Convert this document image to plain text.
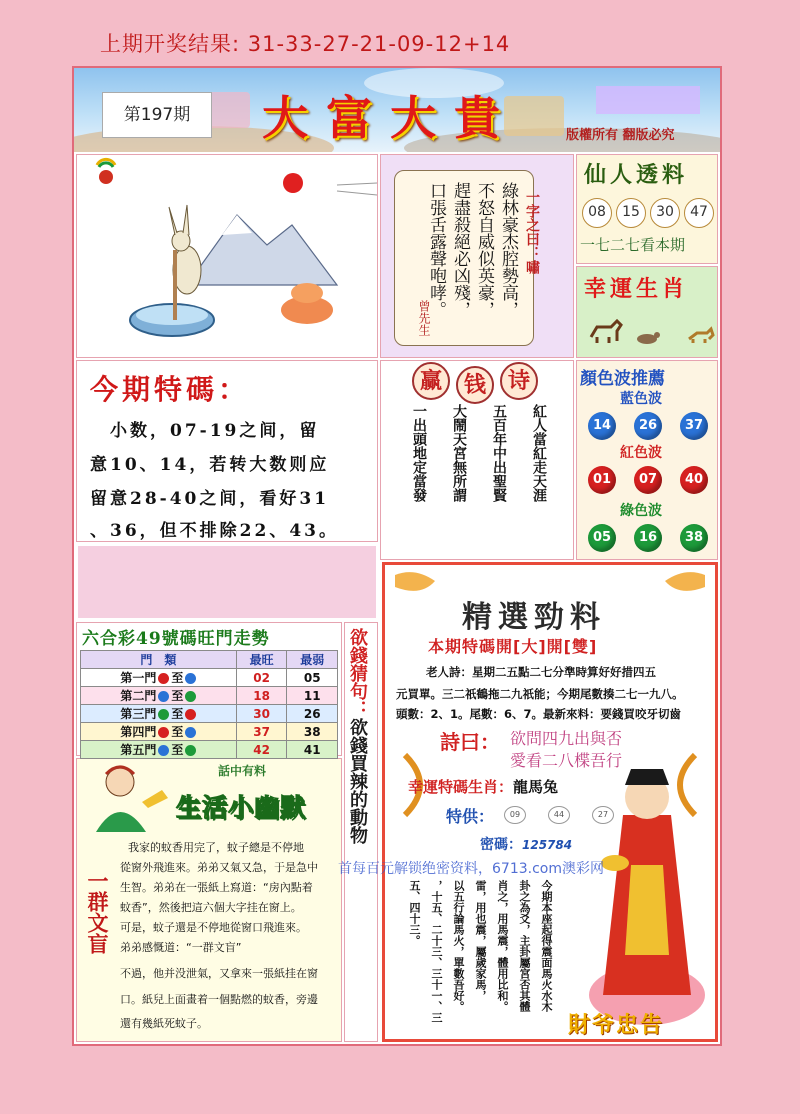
上期开奖结果: 31-33-27-21-09-12+14
第197期	大富大貴	版權所有 翻版必究
綠林豪杰腔勢高，
不怒自威似英豪，
趕盡殺絕必凶殘，
口張舌露聲咆哮。
曾先生
一字之曰：嘯
仙人透料
08	15	30	47
一七二七看本期
幸運生肖
今期特碼：
小数，07-19之间，留
意10、14，若转大数则应
留意28-40之间，看好31
、36，但不排除22、43。
赢 钱 诗
紅人當紅走天涯
五百年中出聖賢
大鬧天宮無所謂
一出頭地定當發
顏色波推薦
藍色波
14	26	37
紅色波
01	07	40
綠色波
05	16	38
六合彩49號碼旺門走勢
門　類	最旺	最弱
第一門 至	02	05
第二門 至	18	11
第三門 至	30	26
第四門 至	37	38
第五門 至	42	41
欲錢猜句：欲錢買辣的動物
話中有料
生活小幽默
一群文盲
我家的蚊香用完了，蚊子總是不停地
從窗外飛進來。弟弟又氣又急，于是急中
生智。弟弟在一張紙上寫道：“房內點着
蚊香”，然後把這六個大字挂在窗上。
可是，蚊子還是不停地從窗口飛進來。
弟弟感慨道：“一群文盲”
不過，他并没泄氣，又拿來一張紙挂在窗
口。紙兒上面畫着一個點燃的蚊香，旁邊
還有幾紙死蚊子。
精選勁料
本期特碼開[大]開[雙]
老人詩：星期二五點二七分準時算好好措四五
元買單。三二祇鶴拖二九祇能；今期尾數揍二七一九八。
頭數：2、1。尾數：6、7。最新來料：要錢買咬牙切齒
詩曰： 欲問四九出與否
愛看二八楪吾行
幸運特碼生肖：龍馬兔
特供：	09	44	27
密碼：125784
首每百元解锁绝密资料，6713.com澳彩网
今期本座起得震面馬火水木
卦之為爻，主卦屬宮否其體
肖之，用馬震，體用比和。
雷，用也震，屬歲家馬，
以五行論馬火，單數吾好。
，十五、二十三、三十一、三
五、四十三。
財爷忠告
